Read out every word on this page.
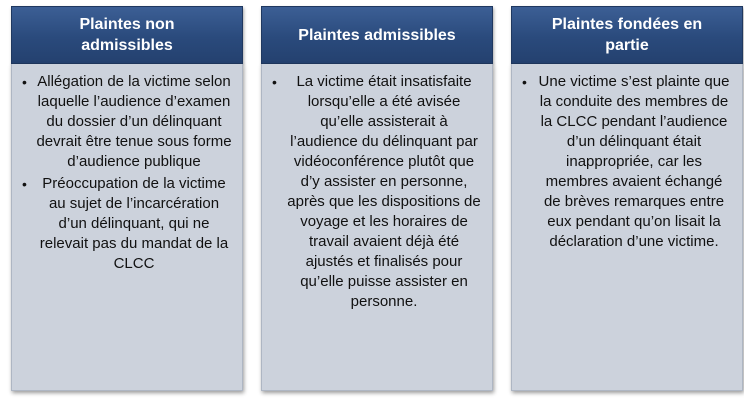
Plaintes non
admissibles
• Allégation de la victime selon laquelle l’audience d’examen du dossier d’un délinquant devrait être tenue sous forme d’audience publique
• Préoccupation de la victime au sujet de l’incarcération d’un délinquant, qui ne relevait pas du mandat de la CLCC
Plaintes admissibles
• La victime était insatisfaite lorsqu’elle a été avisée qu’elle assisterait à l’audience du délinquant par vidéoconférence plutôt que d’y assister en personne, après que les dispositions de voyage et les horaires de travail avaient déjà été ajustés et finalisés pour qu’elle puisse assister en personne.
Plaintes fondées en
partie
• Une victime s’est plainte que la conduite des membres de la CLCC pendant l’audience d’un délinquant était inappropriée, car les membres avaient échangé de brèves remarques entre eux pendant qu’on lisait la déclaration d’une victime.
